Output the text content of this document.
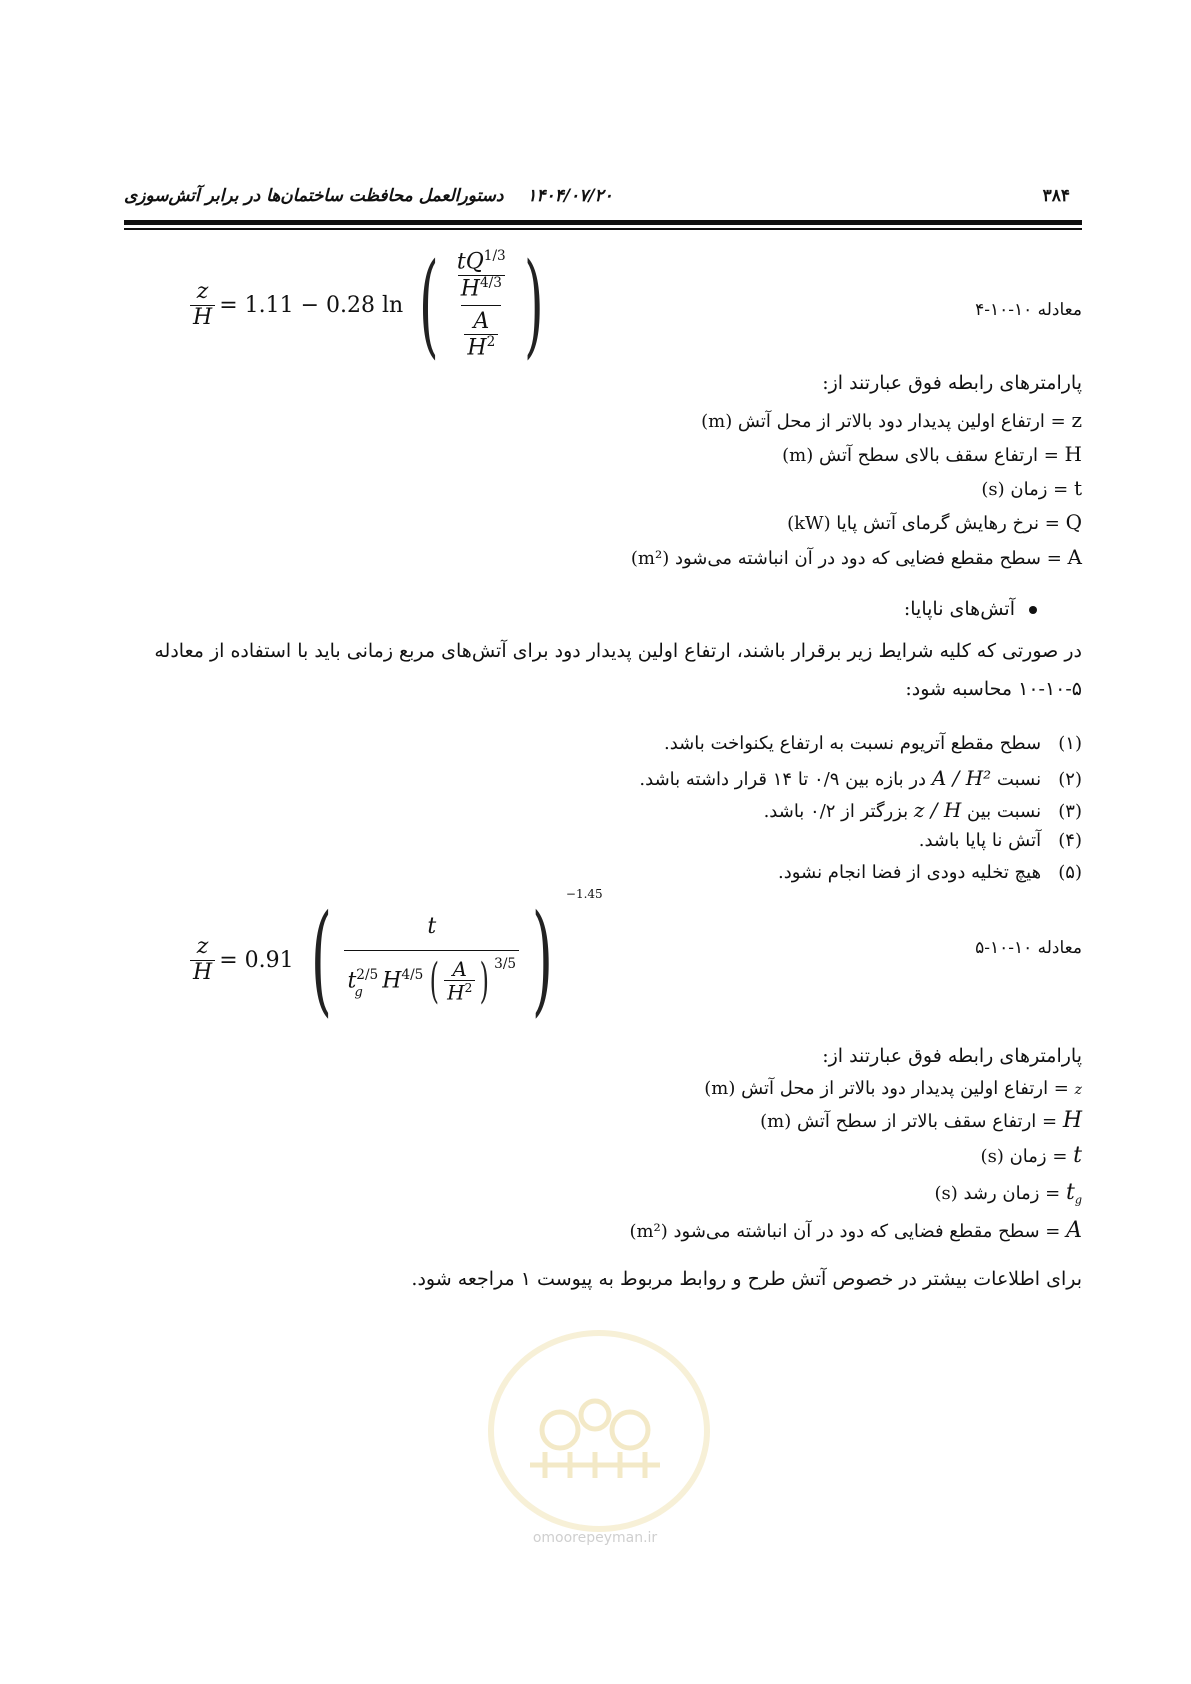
۳۸۴
۱۴۰۴/۰۷/۲۰
دستورالعمل محافظت ساختمان‌ها در برابر آتش‌سوزی
معادله ۱۰-۱۰-۴
$\frac{z}{H} = 1.11 - 0.28$ ln ( $\frac{\frac{tQ^{1/3}}{H^{4/3}}}{\frac{A}{H^2}}$ )
پارامترهای رابطه فوق عبارتند از:
z = ارتفاع اولین پدیدار دود بالاتر از محل آتش (m)
H = ارتفاع سقف بالای سطح آتش (m)
t = زمان (s)
Q = نرخ رهایش گرمای آتش پایا (kW)
A = سطح مقطع فضایی که دود در آن انباشته می‌شود (m²)
آتش‌های ناپایا:
در صورتی که کلیه شرایط زیر برقرار باشند، ارتفاع اولین پدیدار دود برای آتش‌های مربع زمانی باید با استفاده از معادله
۱۰-۱۰-۵ محاسبه شود:
(۱)   سطح مقطع آتریوم نسبت به ارتفاع یکنواخت باشد.
(۲)   نسبت A / H² در بازه بین ۰/۹ تا ۱۴ قرار داشته باشد.
(۳)   نسبت بین z / H بزرگتر از ۰/۲ باشد.
(۴)   آتش نا پایا باشد.
(۵)   هیچ تخلیه دودی از فضا انجام نشود.
معادله ۱۰-۱۰-۵
$\frac{z}{H} = 0.91$ (	t
$t^{2/5}$
g $H^{4/5}$ ( $\frac{A}{H^2}$ ) $^{3/5}$ ) −1.45
پارامترهای رابطه فوق عبارتند از:
z = ارتفاع اولین پدیدار دود بالاتر از محل آتش (m)
H = ارتفاع سقف بالاتر از سطح آتش (m)
t = زمان (s)
$t_g$ = زمان رشد (s)
A = سطح مقطع فضایی که دود در آن انباشته می‌شود (m²)
برای اطلاعات بیشتر در خصوص آتش طرح و روابط مربوط به پیوست ۱ مراجعه شود.
omoorepeyman.ir
